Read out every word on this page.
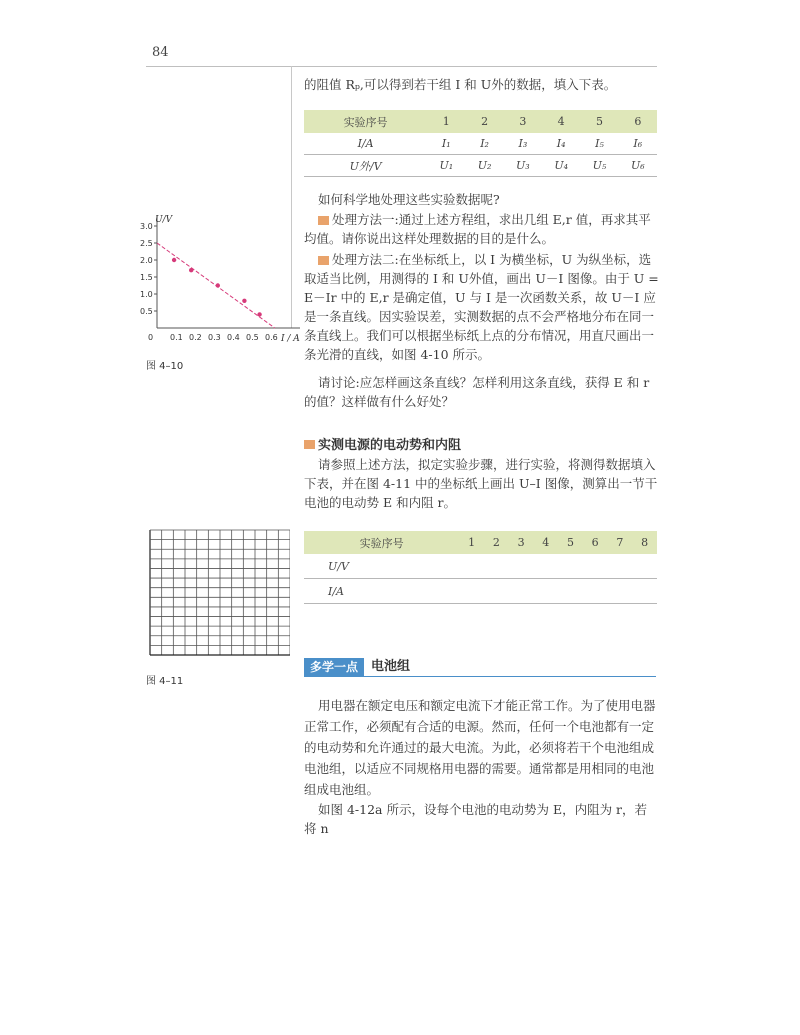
84
的阻值 Rₚ,可以得到若干组 I 和 U外的数据，填入下表。
实验序号	1	2	3	4	5	6
I/A	I₁	I₂	I₃	I₄	I₅	I₆
U外/V	U₁	U₂	U₃	U₄	U₅	U₆
如何科学地处理这些实验数据呢?
处理方法一:通过上述方程组，求出几组 E,r 值，再求其平均值。请你说出这样处理数据的目的是什么。
处理方法二:在坐标纸上，以 I 为横坐标，U 为纵坐标，选取适当比例，用测得的 I 和 U外值，画出 U－I 图像。由于 U = E－Ir 中的 E,r 是确定值，U 与 I 是一次函数关系，故 U－I 应是一条直线。因实验误差，实测数据的点不会严格地分布在同一条直线上。我们可以根据坐标纸上点的分布情况，用直尺画出一条光滑的直线，如图 4-10 所示。
请讨论:应怎样画这条直线？怎样利用这条直线，获得 E 和 r 的值？这样做有什么好处？
实测电源的电动势和内阻
请参照上述方法，拟定实验步骤，进行实验，将测得数据填入下表，并在图 4-11 中的坐标纸上画出 U–I 图像，测算出一节干电池的电动势 E 和内阻 r。
实验序号	1	2	3	4	5	6	7	8
U/V								
I/A								
多学一点	电池组
用电器在额定电压和额定电流下才能正常工作。为了使用电器正常工作，必须配有合适的电源。然而，任何一个电池都有一定的电动势和允许通过的最大电流。为此，必须将若干个电池组成电池组，以适应不同规格用电器的需要。通常都是用相同的电池组成电池组。
如图 4-12a 所示，设每个电池的电动势为 E，内阻为 r，若将 n
0 0.1 0.2 0.3 0.4 0.5 0.6
0.5
1.0
1.5
2.0
2.5
3.0
U/V
I / A
图 4–10
图 4–11
